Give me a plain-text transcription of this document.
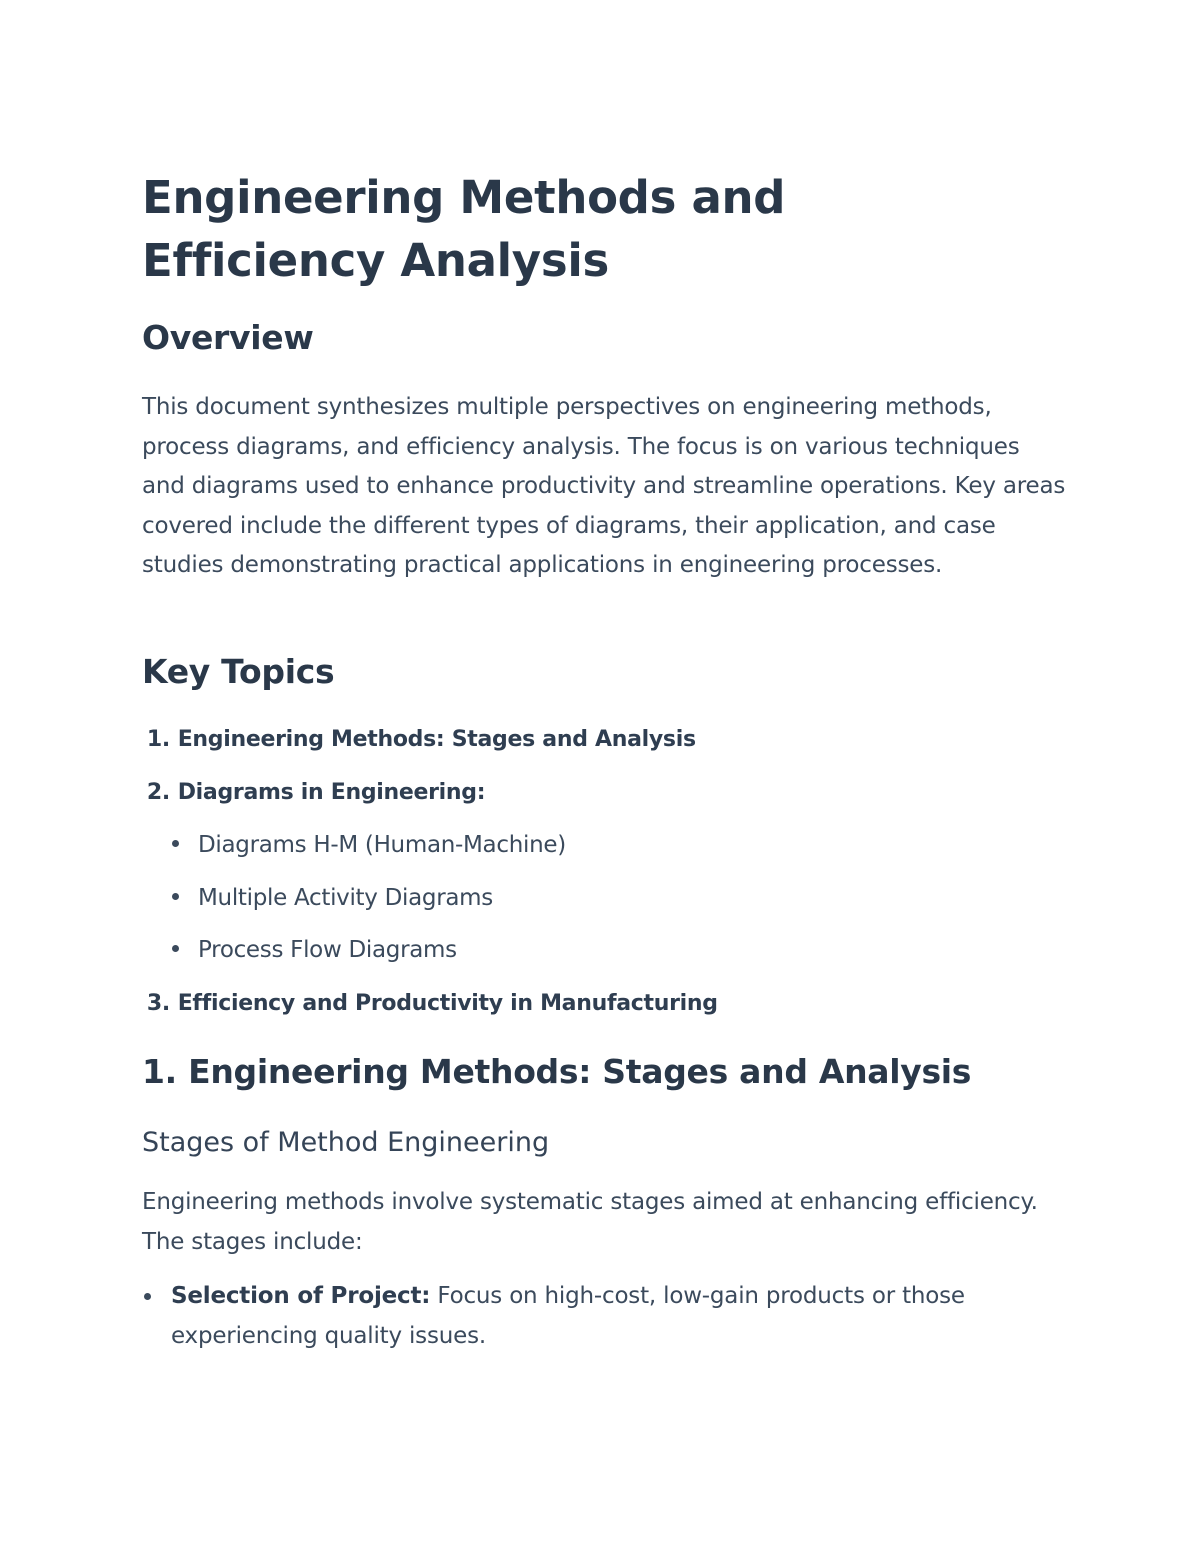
Engineering Methods and Efficiency Analysis
Overview

This document synthesizes multiple perspectives on engineering methods, process diagrams, and efficiency analysis. The focus is on various techniques and diagrams used to enhance productivity and streamline operations. Key areas covered include the different types of diagrams, their application, and case studies demonstrating practical applications in engineering processes.

Key Topics
1. Engineering Methods: Stages and Analysis
2. Diagrams in Engineering:
Diagrams H-M (Human-Machine)
Multiple Activity Diagrams
Process Flow Diagrams
3. Efficiency and Productivity in Manufacturing
1. Engineering Methods: Stages and Analysis
Stages of Method Engineering

Engineering methods involve systematic stages aimed at enhancing efficiency. The stages include:

Selection of Project: Focus on high-cost, low-gain products or those experiencing quality issues.
